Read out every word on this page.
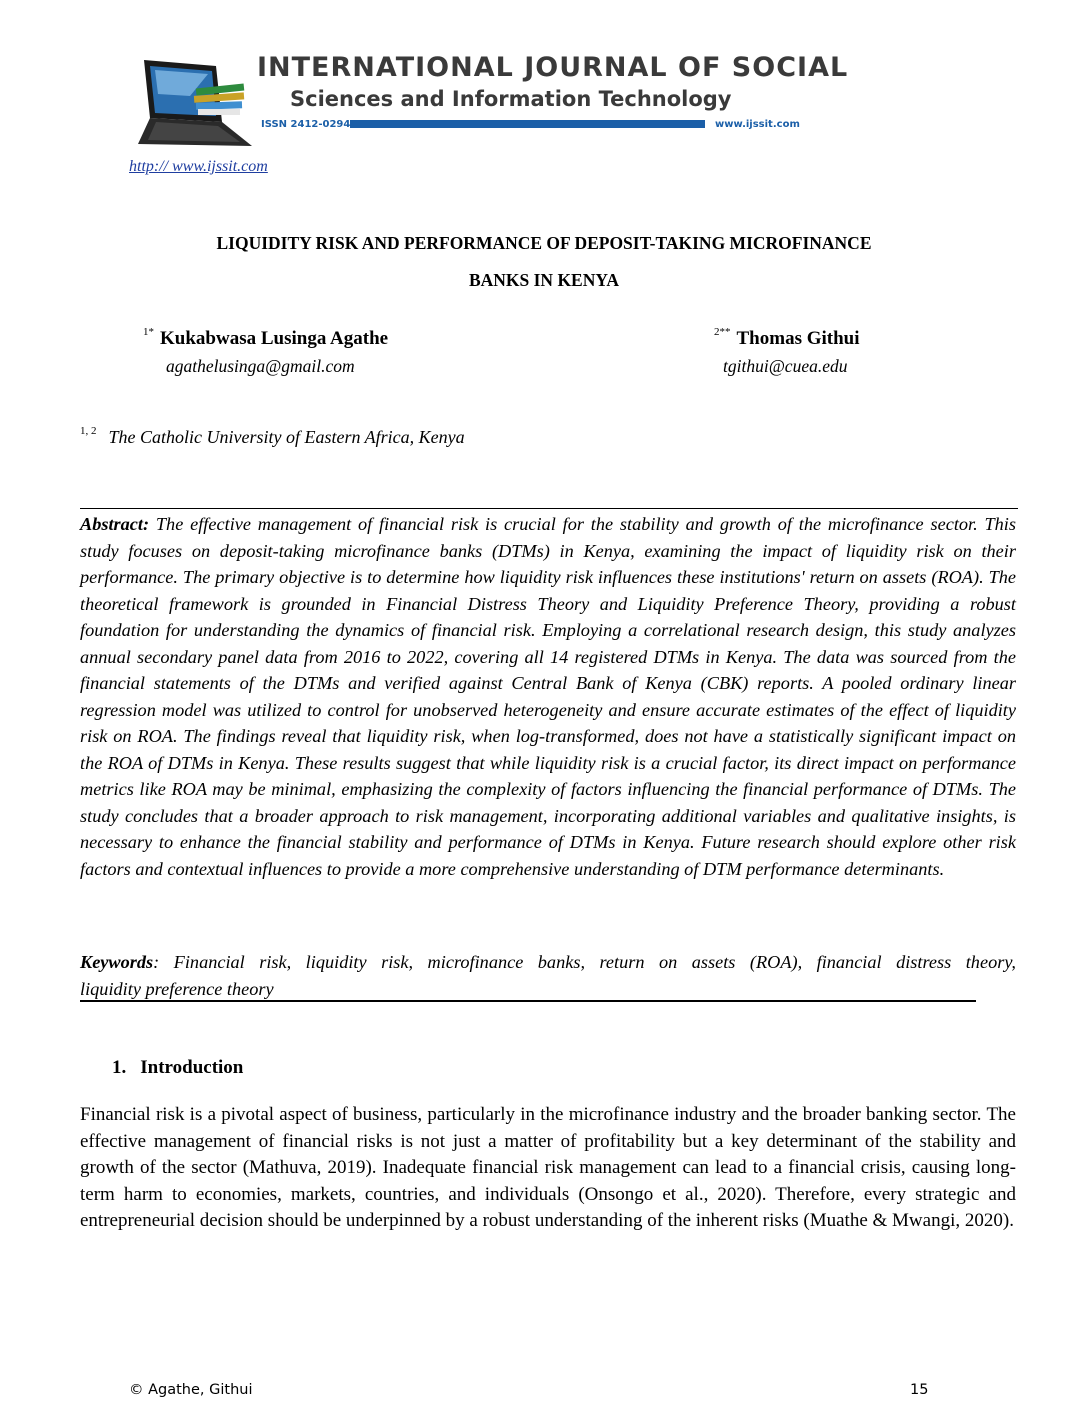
INTERNATIONAL JOURNAL OF SOCIAL
Sciences and Information Technology
ISSN 2412-0294	www.ijssit.com
http:// www.ijssit.com
LIQUIDITY RISK AND PERFORMANCE OF DEPOSIT-TAKING MICROFINANCE
BANKS IN KENYA
$^{1*}$ Kukabwasa Lusinga Agathe
agathelusinga@gmail.com
$^{2**}$ Thomas Githui
tgithui@cuea.edu
$^{1, 2}$ The Catholic University of Eastern Africa, Kenya
Abstract: The effective management of financial risk is crucial for the stability and growth of the microfinance sector. This study focuses on deposit-taking microfinance banks (DTMs) in Kenya, examining the impact of liquidity risk on their performance. The primary objective is to determine how liquidity risk influences these institutions' return on assets (ROA). The theoretical framework is grounded in Financial Distress Theory and Liquidity Preference Theory, providing a robust foundation for understanding the dynamics of financial risk. Employing a correlational research design, this study analyzes annual secondary panel data from 2016 to 2022, covering all 14 registered DTMs in Kenya. The data was sourced from the financial statements of the DTMs and verified against Central Bank of Kenya (CBK) reports. A pooled ordinary linear regression model was utilized to control for unobserved heterogeneity and ensure accurate estimates of the effect of liquidity risk on ROA. The findings reveal that liquidity risk, when log-transformed, does not have a statistically significant impact on the ROA of DTMs in Kenya. These results suggest that while liquidity risk is a crucial factor, its direct impact on performance metrics like ROA may be minimal, emphasizing the complexity of factors influencing the financial performance of DTMs. The study concludes that a broader approach to risk management, incorporating additional variables and qualitative insights, is necessary to enhance the financial stability and performance of DTMs in Kenya. Future research should explore other risk factors and contextual influences to provide a more comprehensive understanding of DTM performance determinants.
Keywords: Financial risk, liquidity risk, microfinance banks, return on assets (ROA), financial distress theory, liquidity preference theory
1. Introduction
Financial risk is a pivotal aspect of business, particularly in the microfinance industry and the broader banking sector. The effective management of financial risks is not just a matter of profitability but a key determinant of the stability and growth of the sector (Mathuva, 2019). Inadequate financial risk management can lead to a financial crisis, causing long-term harm to economies, markets, countries, and individuals (Onsongo et al., 2020). Therefore, every strategic and entrepreneurial decision should be underpinned by a robust understanding of the inherent risks (Muathe & Mwangi, 2020).
© Agathe, Githui	15
